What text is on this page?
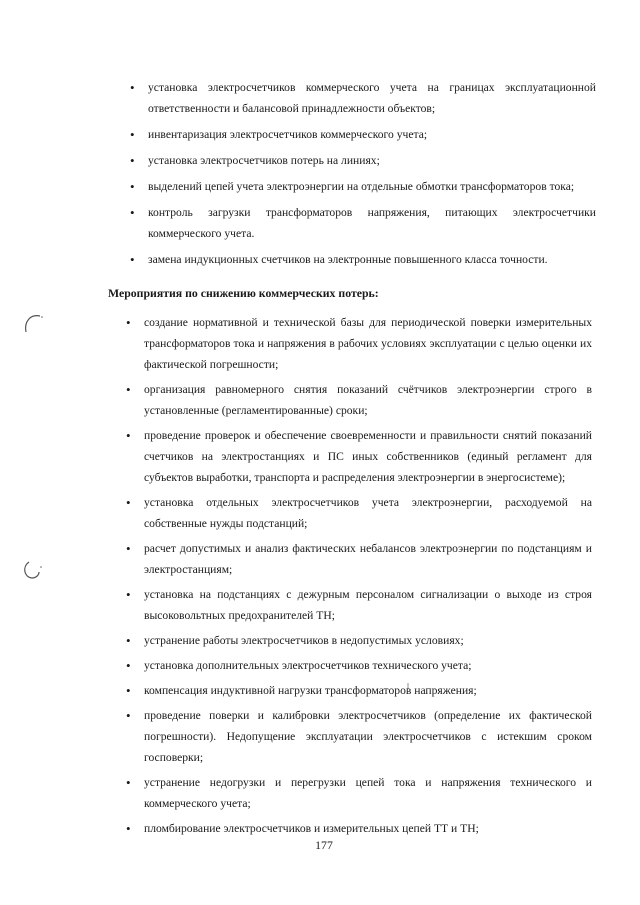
• установка электросчетчиков коммерческого учета на границах эксплуатационной ответственности и балансовой принадлежности объектов;
• инвентаризация электросчетчиков коммерческого учета;
• установка электросчетчиков потерь на линиях;
• выделений цепей учета электроэнергии на отдельные обмотки трансформаторов тока;
• контроль загрузки трансформаторов напряжения, питающих электросчетчики коммерческого учета.
• замена индукционных счетчиков на электронные повышенного класса точности.

Мероприятия по снижению коммерческих потерь:

• создание нормативной и технической базы для периодической поверки измерительных трансформаторов тока и напряжения в рабочих условиях эксплуатации с целью оценки их фактической погрешности;
• организация равномерного снятия показаний счётчиков электроэнергии строго в установленные (регламентированные) сроки;
• проведение проверок и обеспечение своевременности и правильности снятий показаний счетчиков на электростанциях и ПС иных собственников (единый регламент для субъектов выработки, транспорта и распределения электроэнергии в энергосистеме);
• установка отдельных электросчетчиков учета электроэнергии, расходуемой на собственные нужды подстанций;
• расчет допустимых и анализ фактических небалансов электроэнергии по подстанциям и электростанциям;
• установка на подстанциях с дежурным персоналом сигнализации о выходе из строя высоковольтных предохранителей ТН;
• устранение работы электросчетчиков в недопустимых условиях;
• установка дополнительных электросчетчиков технического учета;
• компенсация индуктивной нагрузки трансформаторов напряжения;
• проведение поверки и калибровки электросчетчиков (определение их фактической погрешности). Недопущение эксплуатации электросчетчиков с истекшим сроком госповерки;
• устранение недогрузки и перегрузки цепей тока и напряжения технического и коммерческого учета;
• пломбирование электросчетчиков и измерительных цепей ТТ и ТН;
177
